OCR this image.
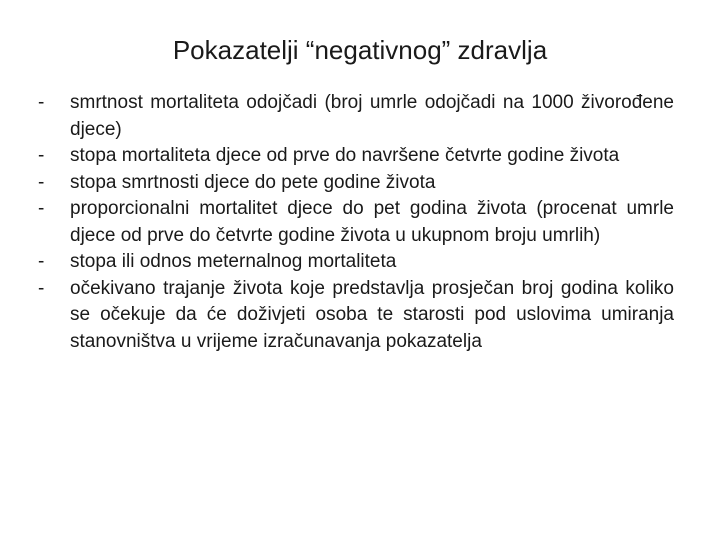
Pokazatelji “negativnog” zdravlja
-	smrtnost mortaliteta odojčadi (broj umrle odojčadi na 1000 živorođene djece)
-	stopa mortaliteta djece od prve do navršene četvrte godine života
-	stopa smrtnosti djece do pete godine života
-	proporcionalni mortalitet djece do pet godina života (procenat umrle djece od prve do četvrte godine života u ukupnom broju umrlih)
-	stopa ili odnos meternalnog mortaliteta
-	očekivano trajanje života koje predstavlja prosječan broj godina koliko se očekuje da će doživjeti osoba te starosti pod uslovima umiranja stanovništva u vrijeme izračunavanja pokazatelja
